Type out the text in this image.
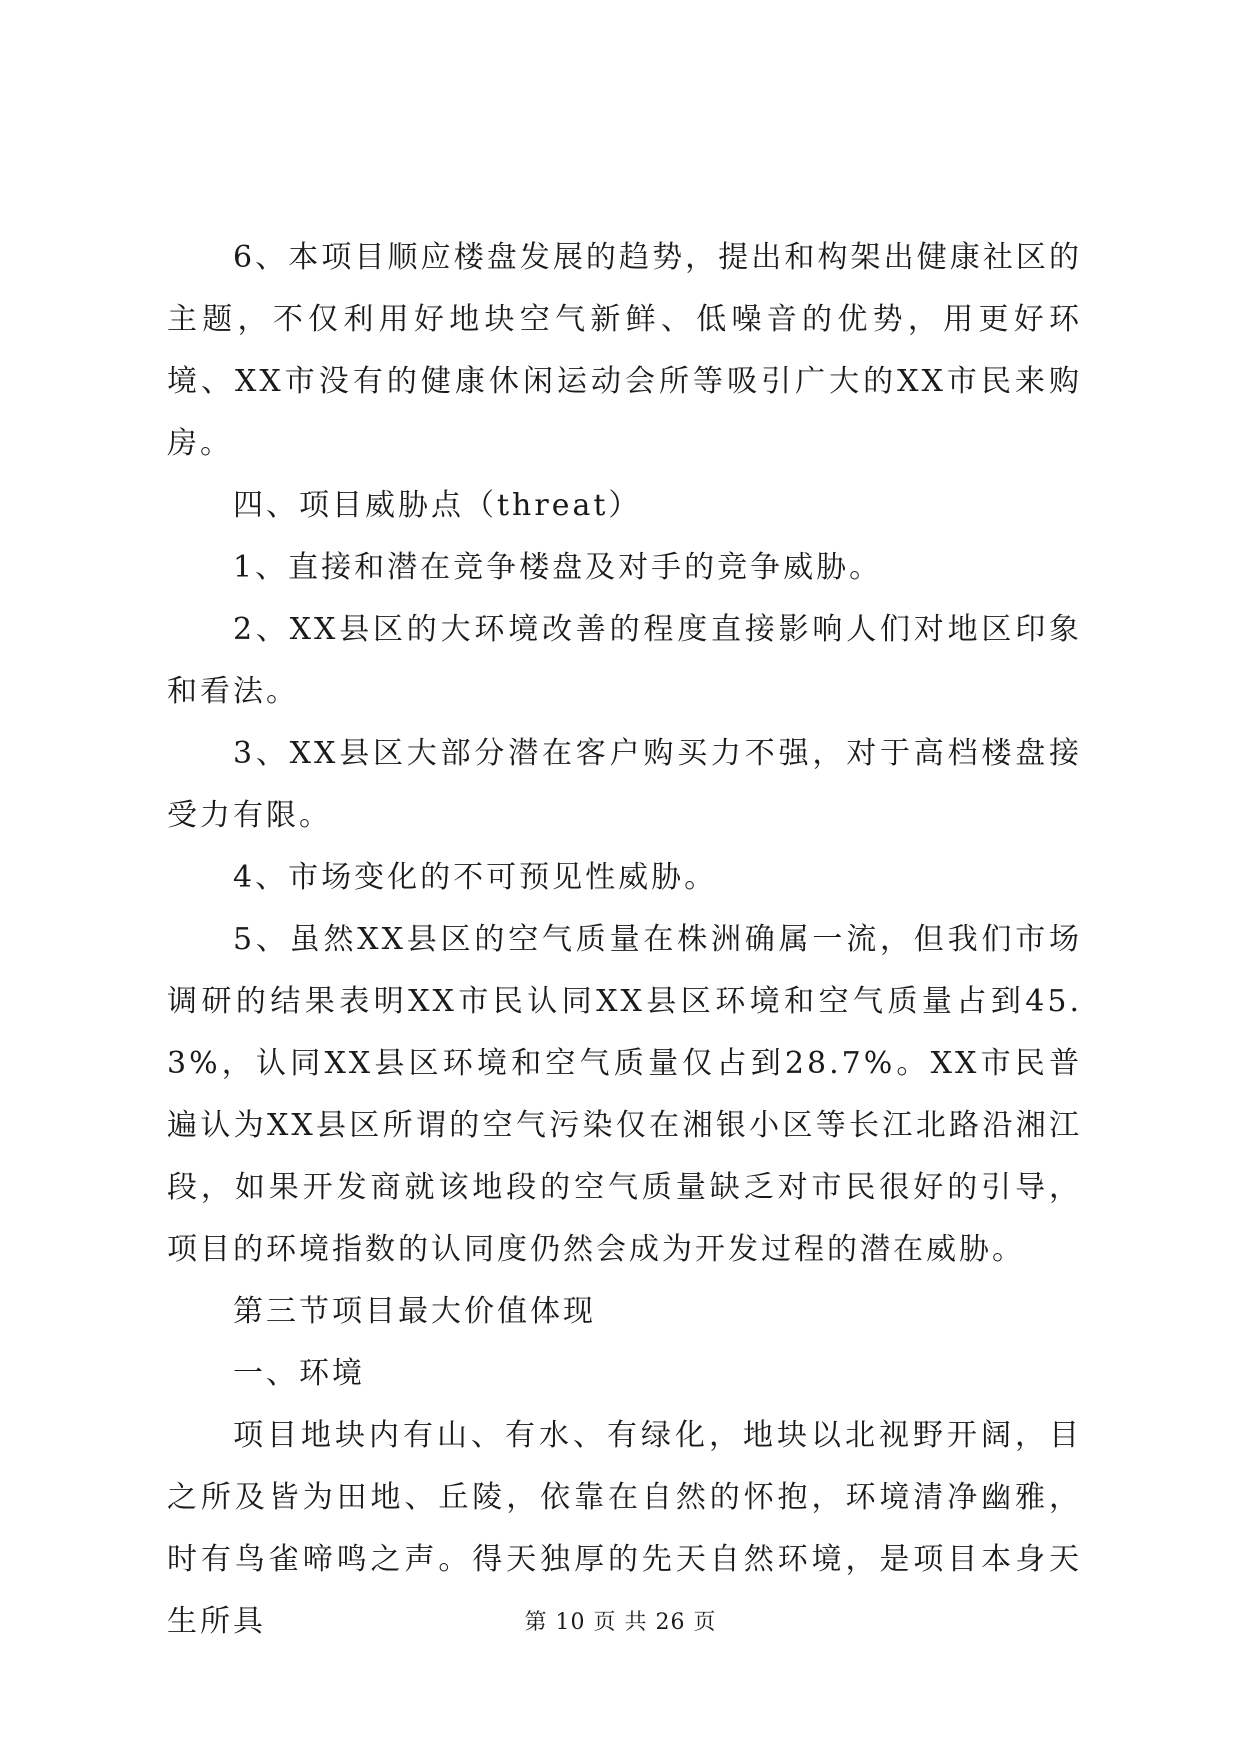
6、本项目顺应楼盘发展的趋势，提出和构架出健康社区的主题，不仅利用好地块空气新鲜、低噪音的优势，用更好环境、XX市没有的健康休闲运动会所等吸引广大的XX市民来购房。

四、项目威胁点（threat）

1、直接和潜在竞争楼盘及对手的竞争威胁。

2、XX县区的大环境改善的程度直接影响人们对地区印象和看法。

3、XX县区大部分潜在客户购买力不强，对于高档楼盘接受力有限。

4、市场变化的不可预见性威胁。

5、虽然XX县区的空气质量在株洲确属一流，但我们市场调研的结果表明XX市民认同XX县区环境和空气质量占到45.3%，认同XX县区环境和空气质量仅占到28.7%。XX市民普遍认为XX县区所谓的空气污染仅在湘银小区等长江北路沿湘江段，如果开发商就该地段的空气质量缺乏对市民很好的引导，项目的环境指数的认同度仍然会成为开发过程的潜在威胁。

第三节项目最大价值体现

一、环境

项目地块内有山、有水、有绿化，地块以北视野开阔，目之所及皆为田地、丘陵，依靠在自然的怀抱，环境清净幽雅，时有鸟雀啼鸣之声。得天独厚的先天自然环境，是项目本身天生所具	第 10 页 共 26 页
